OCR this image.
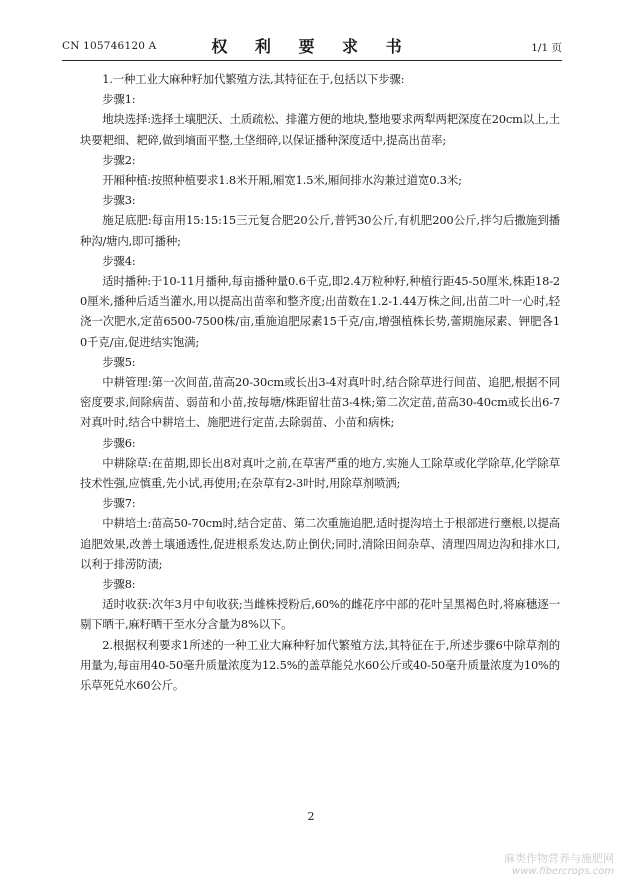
CN 105746120 A	权 利 要 求 书	1/1 页

1.一种工业大麻种籽加代繁殖方法,其特征在于,包括以下步骤:

步骤1:

地块选择:选择土壤肥沃、土质疏松、排灌方便的地块,整地要求两犁两耙深度在20cm以上,土块要耙细、耙碎,做到墒面平整,土垡细碎,以保证播种深度适中,提高出苗率;

步骤2:

开厢种植:按照种植要求1.8米开厢,厢宽1.5米,厢间排水沟兼过道宽0.3米;

步骤3:

施足底肥:每亩用15:15:15三元复合肥20公斤,普钙30公斤,有机肥200公斤,拌匀后撒施到播种沟/塘内,即可播种;

步骤4:

适时播种:于10-11月播种,每亩播种量0.6千克,即2.4万粒种籽,种植行距45-50厘米,株距18-20厘米,播种后适当灌水,用以提高出苗率和整齐度;出苗数在1.2-1.44万株之间,出苗二叶一心时,轻浇一次肥水,定苗6500-7500株/亩,重施追肥尿素15千克/亩,增强植株长势,蕾期施尿素、钾肥各10千克/亩,促进结实饱满;

步骤5:

中耕管理:第一次间苗,苗高20-30cm或长出3-4对真叶时,结合除草进行间苗、追肥,根据不同密度要求,间除病苗、弱苗和小苗,按每塘/株距留壮苗3-4株;第二次定苗,苗高30-40cm或长出6-7对真叶时,结合中耕培土、施肥进行定苗,去除弱苗、小苗和病株;

步骤6:

中耕除草:在苗期,即长出8对真叶之前,在草害严重的地方,实施人工除草或化学除草,化学除草技术性强,应慎重,先小试,再使用;在杂草有2-3叶时,用除草剂喷洒;

步骤7:

中耕培土:苗高50-70cm时,结合定苗、第二次重施追肥,适时提沟培土于根部进行壅根,以提高追肥效果,改善土壤通透性,促进根系发达,防止倒伏;同时,清除田间杂草、清理四周边沟和排水口,以利于排涝防渍;

步骤8:

适时收获:次年3月中旬收获;当雌株授粉后,60%的雌花序中部的花叶呈黑褐色时,将麻穗逐一剔下晒干,麻籽晒干至水分含量为8%以下。

2.根据权利要求1所述的一种工业大麻种籽加代繁殖方法,其特征在于,所述步骤6中除草剂的用量为,每亩用40-50毫升质量浓度为12.5%的盖草能兑水60公斤或40-50毫升质量浓度为10%的乐草死兑水60公斤。

2
麻类作物营养与施肥网
www.fibercrops.com
